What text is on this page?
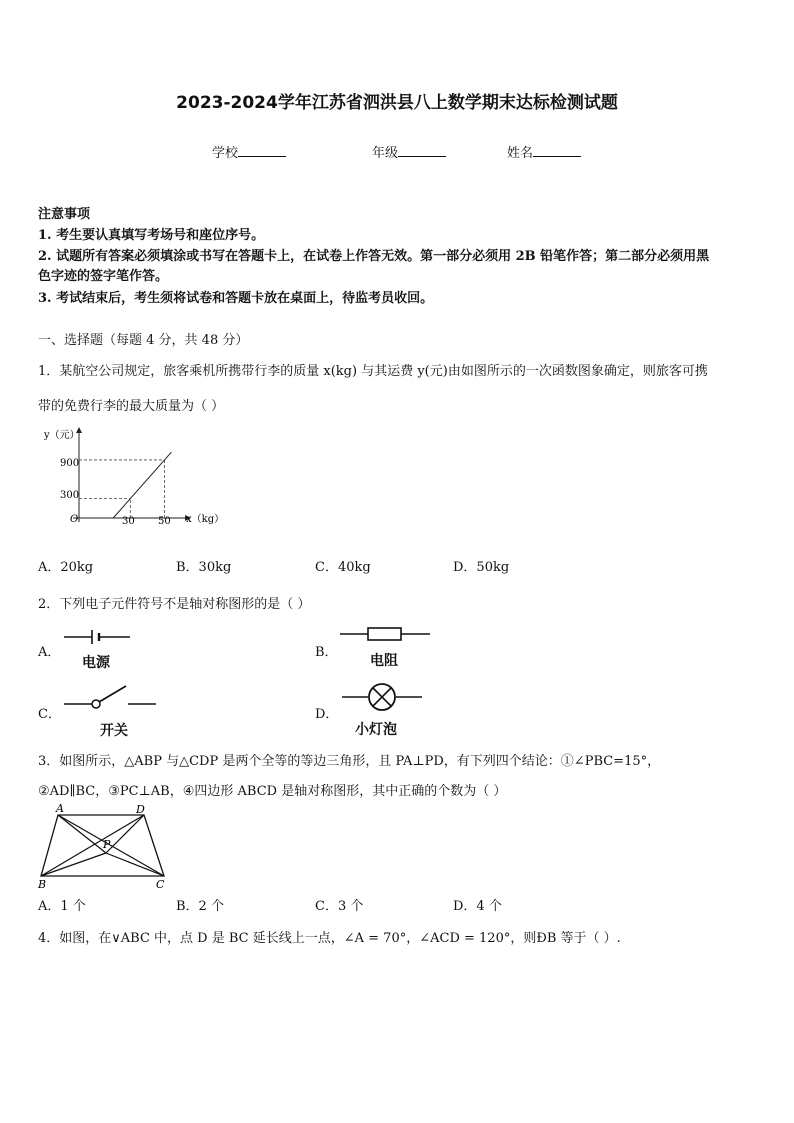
2023-2024学年江苏省泗洪县八上数学期末达标检测试题
学校	年级	姓名
注意事项
1. 考生要认真填写考场号和座位序号。
2. 试题所有答案必须填涂或书写在答题卡上，在试卷上作答无效。第一部分必须用 2B 铅笔作答；第二部分必须用黑
色字迹的签字笔作答。
3. 考试结束后，考生须将试卷和答题卡放在桌面上，待监考员收回。
一、选择题（每题 4 分，共 48 分）
1．某航空公司规定，旅客乘机所携带行李的质量 x(kg) 与其运费 y(元)由如图所示的一次函数图象确定，则旅客可携
带的免费行李的最大质量为（ ）
y（元）
x（kg）
O
900
300
30 50
A．20kg	B．30kg	C．40kg	D．50kg
2．下列电子元件符号不是轴对称图形的是（ ）
A．
电源
B．
电阻
C．
开关
D．
小灯泡
3．如图所示，△ABP 与△CDP 是两个全等的等边三角形，且 PA⊥PD，有下列四个结论：①∠PBC=15°，
②AD∥BC，③PC⊥AB，④四边形 ABCD 是轴对称图形，其中正确的个数为（ ）
A	D
P
B	C
A．1 个	B．2 个	C．3 个	D．4 个
4．如图，在∨ABC 中，点 D 是 BC 延长线上一点，∠A = 70°，∠ACD = 120°，则ÐB 等于（ ）.
